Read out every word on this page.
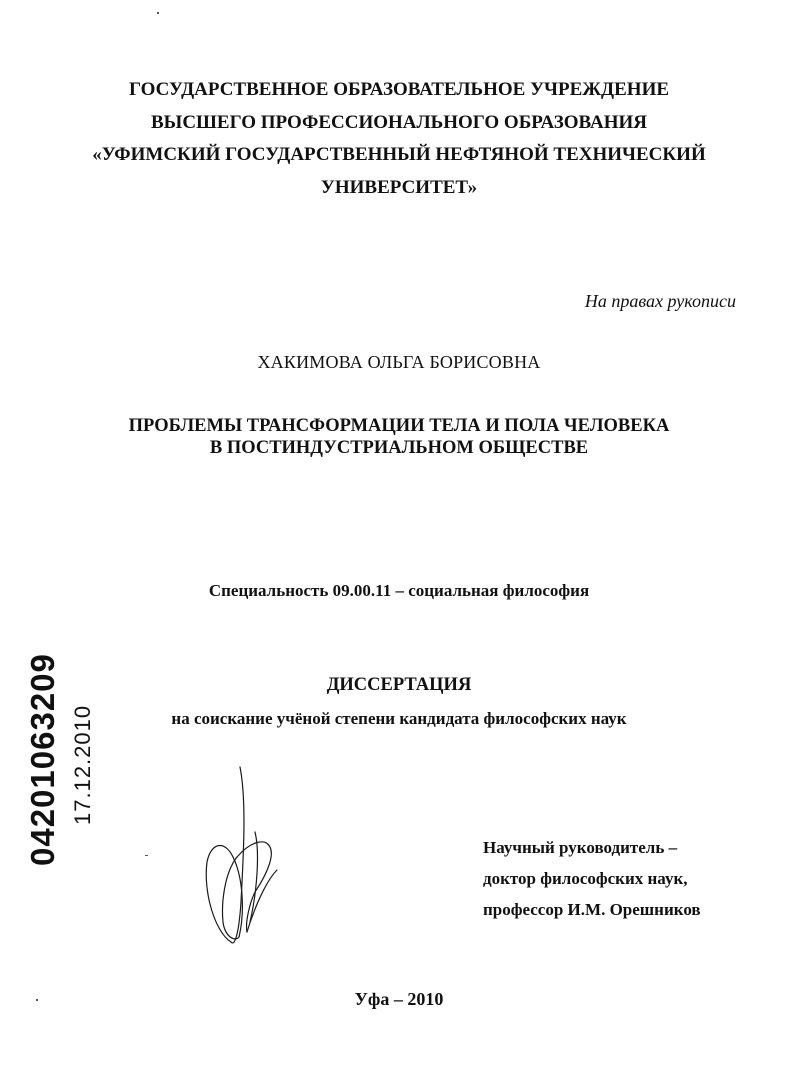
ГОСУДАРСТВЕННОЕ ОБРАЗОВАТЕЛЬНОЕ УЧРЕЖДЕНИЕ
ВЫСШЕГО ПРОФЕССИОНАЛЬНОГО ОБРАЗОВАНИЯ
«УФИМСКИЙ ГОСУДАРСТВЕННЫЙ НЕФТЯНОЙ ТЕХНИЧЕСКИЙ
УНИВЕРСИТЕТ»
На правах рукописи
ХАКИМОВА ОЛЬГА БОРИСОВНА
ПРОБЛЕМЫ ТРАНСФОРМАЦИИ ТЕЛА И ПОЛА ЧЕЛОВЕКА
В ПОСТИНДУСТРИАЛЬНОМ ОБЩЕСТВЕ
Специальность 09.00.11 – социальная философия
ДИССЕРТАЦИЯ
на соискание учёной степени кандидата философских наук
04201063209 17.12.2010
Научный руководитель –
доктор философских наук,
профессор И.М. Орешников
Уфа – 2010
